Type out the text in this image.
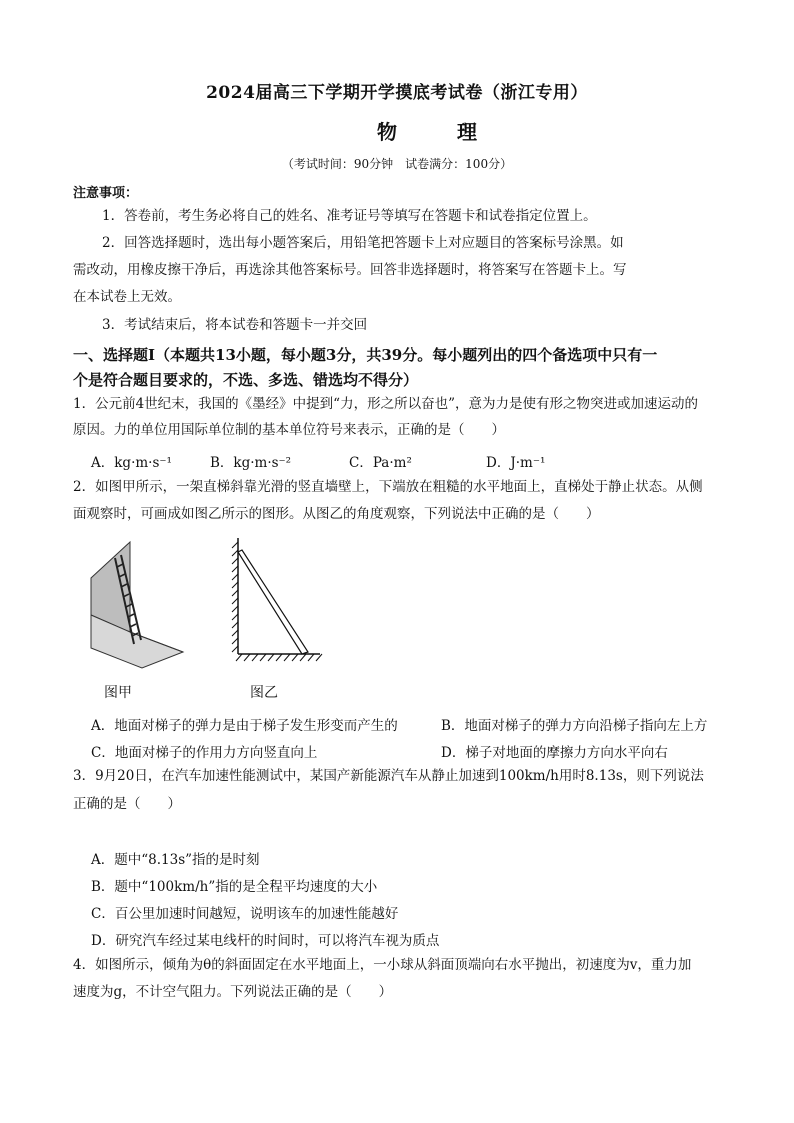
2024届高三下学期开学摸底考试卷（浙江专用）
物理
（考试时间：90分钟　试卷满分：100分）
注意事项：
1．答卷前，考生务必将自己的姓名、准考证号等填写在答题卡和试卷指定位置上。
2．回答选择题时，选出每小题答案后，用铅笔把答题卡上对应题目的答案标号涂黑。如
需改动，用橡皮擦干净后，再选涂其他答案标号。回答非选择题时，将答案写在答题卡上。写
在本试卷上无效。
3．考试结束后，将本试卷和答题卡一并交回
一、选择题Ⅰ（本题共13小题，每小题3分，共39分。每小题列出的四个备选项中只有一
个是符合题目要求的，不选、多选、错选均不得分）
1．公元前4世纪末，我国的《墨经》中提到“力，形之所以奋也”，意为力是使有形之物突进或加速运动的
原因。力的单位用国际单位制的基本单位符号来表示，正确的是（　　）
A．kg·m·s⁻¹	B．kg·m·s⁻²	C．Pa·m²	D．J·m⁻¹
2．如图甲所示，一架直梯斜靠光滑的竖直墙壁上，下端放在粗糙的水平地面上，直梯处于静止状态。从侧
面观察时，可画成如图乙所示的图形。从图乙的角度观察，下列说法中正确的是（　　）
图甲	图乙
A．地面对梯子的弹力是由于梯子发生形变而产生的	B．地面对梯子的弹力方向沿梯子指向左上方
C．地面对梯子的作用力方向竖直向上	D．梯子对地面的摩擦力方向水平向右
3．9月20日，在汽车加速性能测试中，某国产新能源汽车从静止加速到100km/h用时8.13s，则下列说法
正确的是（　　）
A．题中“8.13s”指的是时刻
B．题中“100km/h”指的是全程平均速度的大小
C．百公里加速时间越短，说明该车的加速性能越好
D．研究汽车经过某电线杆的时间时，可以将汽车视为质点
4．如图所示，倾角为θ的斜面固定在水平地面上，一小球从斜面顶端向右水平抛出，初速度为v，重力加
速度为g，不计空气阻力。下列说法正确的是（　　）
